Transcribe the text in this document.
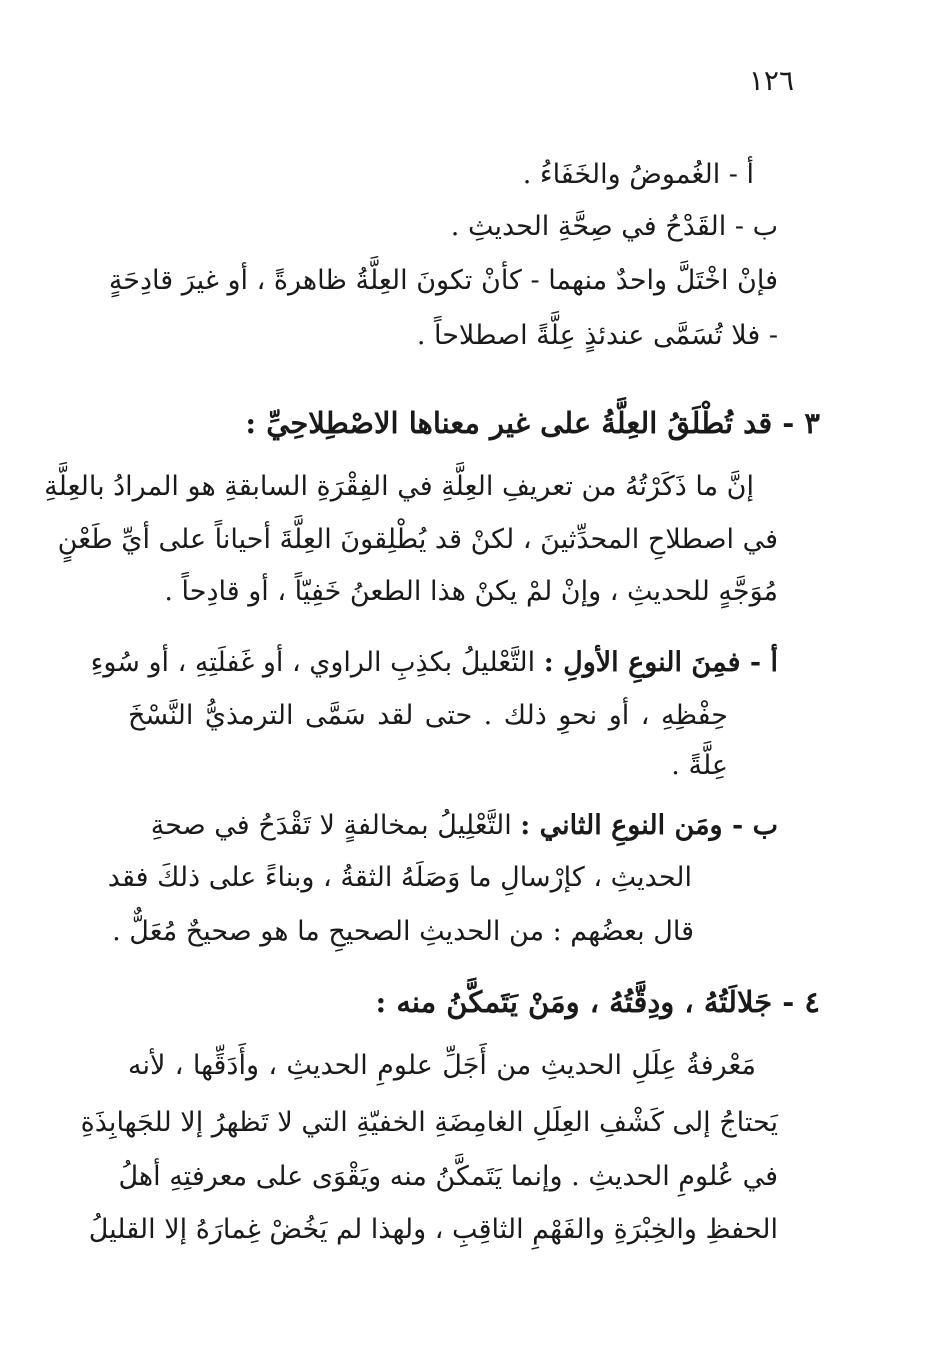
١٢٦
أ - الغُموضُ والخَفَاءُ .
ب - القَدْحُ في صِحَّةِ الحديثِ .
فإنْ اخْتَلَّ واحدٌ منهما - كأنْ تكونَ العِلَّةُ ظاهرةً ، أو غيرَ قادِحَةٍ
- فلا تُسَمَّى عندئذٍ عِلَّةً اصطلاحاً .
٣ - قد تُطْلَقُ العِلَّةُ على غير معناها الاصْطِلاحِيِّ :
إنَّ ما ذَكَرْتُهُ من تعريفِ العِلَّةِ في الفِقْرَةِ السابقةِ هو المرادُ بالعِلَّةِ
في اصطلاحِ المحدِّثينَ ، لكنْ قد يُطْلِقونَ العِلَّةَ أحياناً على أيِّ طَعْنٍ
مُوَجَّهٍ للحديثِ ، وإنْ لمْ يكنْ هذا الطعنُ خَفِيّاً ، أو قادِحاً .
أ - فمِنَ النوعِ الأولِ : التَّعْليلُ بكذِبِ الراوي ، أو غَفلَتِهِ ، أو سُوءِ
حِفْظِهِ ، أو نحوِ ذلك . حتى لقد سَمَّى الترمذيُّ النَّسْخَ
عِلَّةً .
ب - ومَن النوعِ الثاني : التَّعْلِيلُ بمخالفةٍ لا تَقْدَحُ في صحةِ
الحديثِ ، كإرْسالِ ما وَصَلَهُ الثقةُ ، وبناءً على ذلكَ فقد
قال بعضُهم : من الحديثِ الصحيحِ ما هو صحيحٌ مُعَلٌّ .
٤ - جَلالَتُهُ ، ودِقَّتُهُ ، ومَنْ يَتَمكَّنُ منه :
مَعْرفةُ عِلَلِ الحديثِ من أَجَلِّ علومِ الحديثِ ، وأَدَقِّها ، لأنه
يَحتاجُ إلى كَشْفِ العِلَلِ الغامِضَةِ الخفيّةِ التي لا تَظهرُ إلا للجَهابِذَةِ
في عُلومِ الحديثِ . وإنما يَتَمكَّنُ منه ويَقْوَى على معرفتِهِ أهلُ
الحفظِ والخِبْرَةِ والفَهْمِ الثاقِبِ ، ولهذا لم يَخُضْ غِمارَهُ إلا القليلُ
